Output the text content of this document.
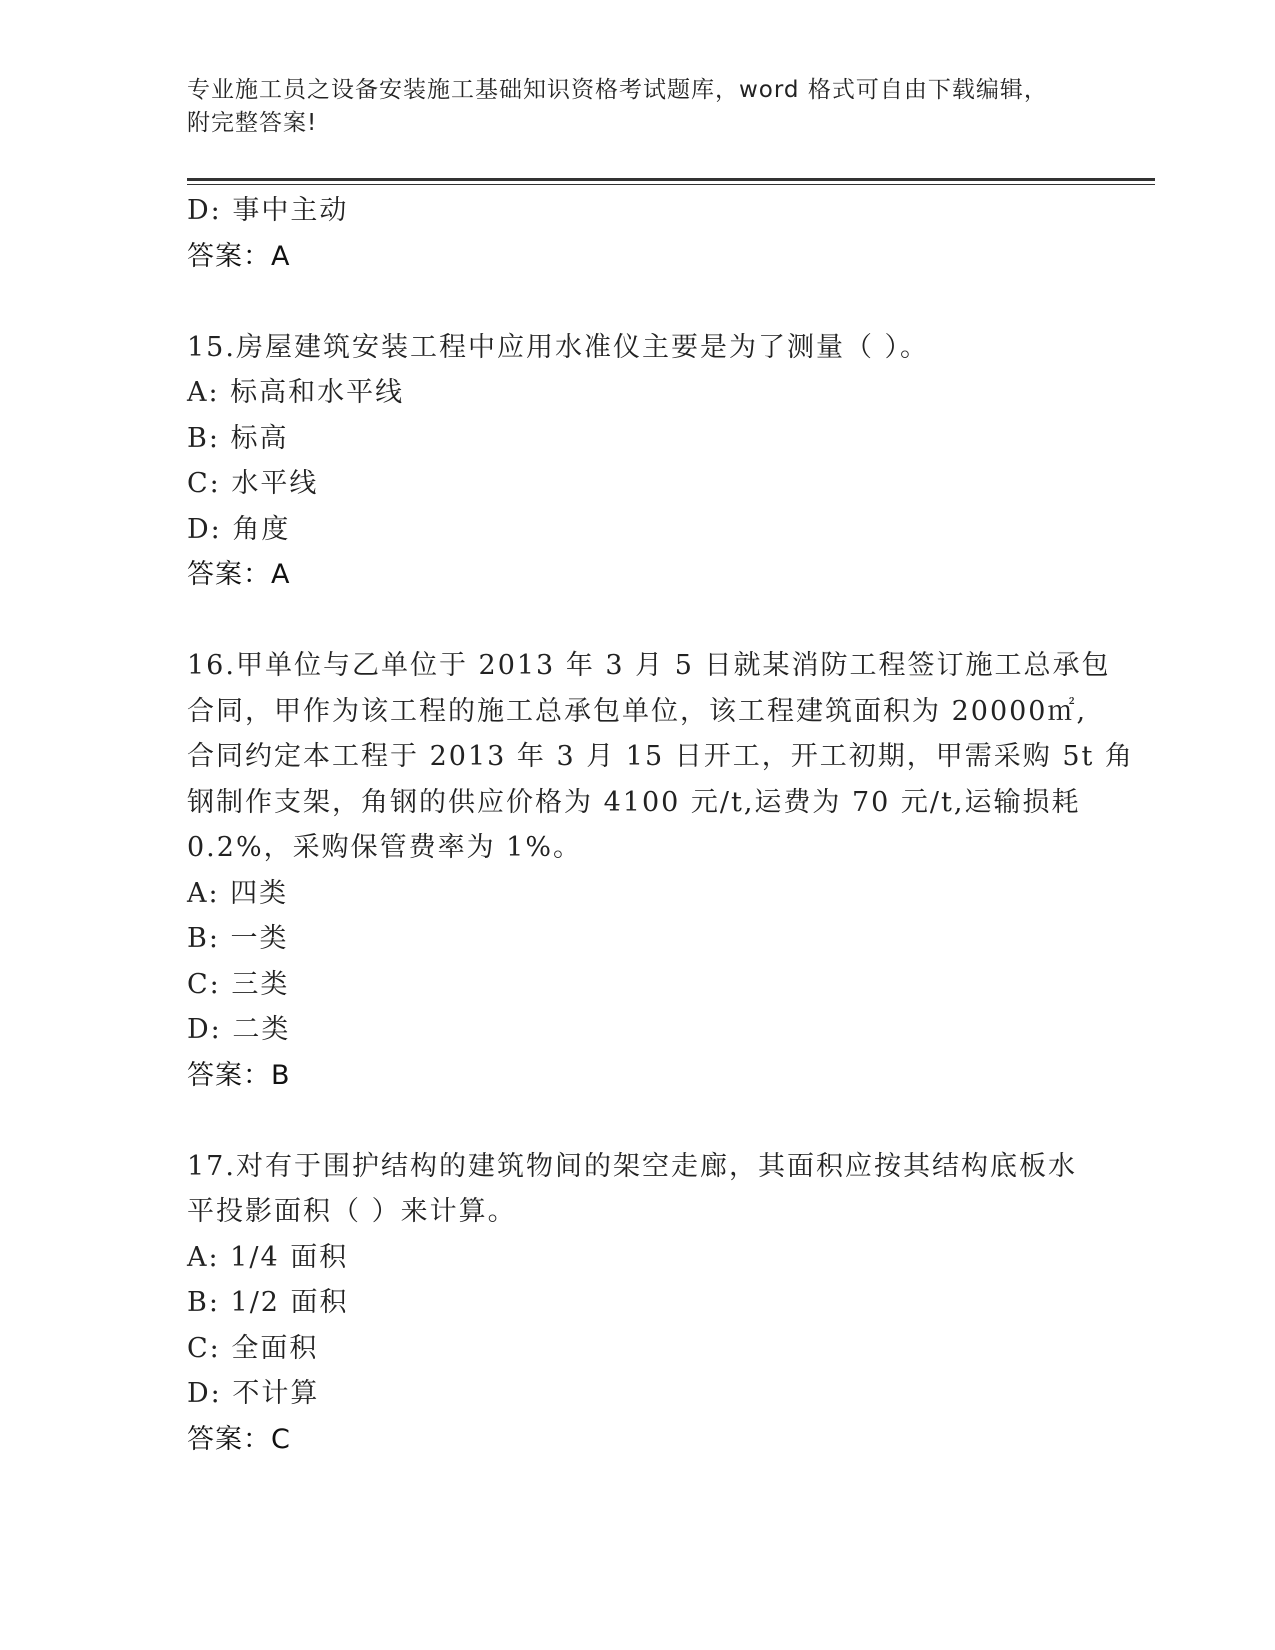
专业施工员之设备安装施工基础知识资格考试题库，word 格式可自由下载编辑，
附完整答案!
D: 事中主动
答案：A
15.房屋建筑安装工程中应用水准仪主要是为了测量（ ）。
A: 标高和水平线
B: 标高
C: 水平线
D: 角度
答案：A
16.甲单位与乙单位于 2013 年 3 月 5 日就某消防工程签订施工总承包
合同，甲作为该工程的施工总承包单位，该工程建筑面积为 20000㎡,
合同约定本工程于 2013 年 3 月 15 日开工，开工初期，甲需采购 5t 角
钢制作支架，角钢的供应价格为 4100 元/t,运费为 70 元/t,运输损耗
0.2%，采购保管费率为 1%。
A: 四类
B: 一类
C: 三类
D: 二类
答案：B
17.对有于围护结构的建筑物间的架空走廊，其面积应按其结构底板水
平投影面积（ ）来计算。
A: 1/4 面积
B: 1/2 面积
C: 全面积
D: 不计算
答案：C
